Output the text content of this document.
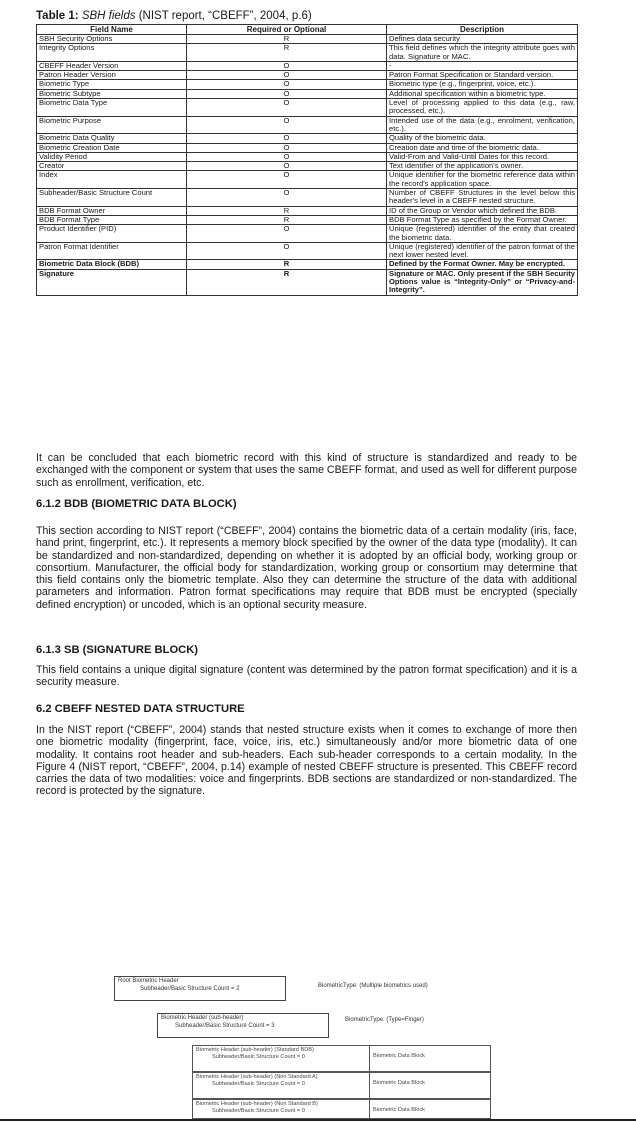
Table 1: SBH fields (NIST report, “CBEFF”, 2004, p.6)
Field Name	Required or Optional	Description
SBH Security Options	R	Defines data security
Integrity Options	R	This field defines which the integrity attribute goes with data. Signature or MAC.
CBEFF Header Version	O	-
Patron Header Version	O	Patron Format Specification or Standard version.
Biometric Type	O	Biometric type (e.g., fingerprint, voice, etc.).
Biometric Subtype	O	Additional specification within a biometric type.
Biometric Data Type	O	Level of processing applied to this data (e.g., raw, processed, etc.).
Biometric Purpose	O	Intended use of the data (e.g., enrolment, verification, etc.).
Biometric Data Quality	O	Quality of the biometric data.
Biometric Creation Date	O	Creation date and time of the biometric data.
Validity Period	O	Valid-From and Valid-Until Dates for this record.
Creator	O	Text identifier of the application's owner.
Index	O	Unique identifier for the biometric reference data within the record's application space.
Subheader/Basic Structure Count	O	Number of CBEFF Structures in the level below this header's level in a CBEFF nested structure.
BDB Format Owner	R	ID of the Group or Vendor which defined the BDB.
BDB Format Type	R	BDB Format Type as specified by the Format Owner.
Product Identifier (PID)	O	Unique (registered) identifier of the entity that created the biometric data.
Patron Format Identifier	O	Unique (registered) identifier of the patron format of the next lower nested level.
Biometric Data Block (BDB)	R	Defined by the Format Owner. May be encrypted.
Signature	R	Signature or MAC. Only present if the SBH Security Options value is “Integrity-Only” or “Privacy-and-Integrity”.
It can be concluded that each biometric record with this kind of structure is standardized and ready to be exchanged with the component or system that uses the same CBEFF format, and used as well for different purpose such as enrollment, verification, etc.
6.1.2 BDB (BIOMETRIC DATA BLOCK)
This section according to NIST report (“CBEFF”, 2004) contains the biometric data of a certain modality (iris, face, hand print, fingerprint, etc.). It represents a memory block specified by the owner of the data type (modality). It can be standardized and non-standardized, depending on whether it is adopted by an official body, working group or consortium. Manufacturer, the official body for standardization, working group or consortium may determine that this field contains only the biometric template. Also they can determine the structure of the data with additional parameters and information. Patron format specifications may require that BDB must be encrypted (specially defined encryption) or uncoded, which is an optional security measure.
6.1.3 SB (SIGNATURE BLOCK)
This field contains a unique digital signature (content was determined by the patron format specification) and it is a security measure.
6.2 CBEFF NESTED DATA STRUCTURE
In the NIST report (“CBEFF”, 2004) stands that nested structure exists when it comes to exchange of more then one biometric modality (fingerprint, face, voice, iris, etc.) simultaneously and/or more biometric data of one modality. It contains root header and sub-headers. Each sub-header corresponds to a certain modality. In the Figure 4 (NIST report, “CBEFF”, 2004, p.14) example of nested CBEFF structure is presented. This CBEFF record carries the data of two modalities: voice and fingerprints. BDB sections are standardized or non-standardized. The record is protected by the signature.
Root Biometric Header
Subheader/Basic Structure Count = 2	BiometricType: (Multiple biometrics used)
Biometric Header (sub-header)
Subheader/Basic Structure Count = 3
BiometricType: (Type=Finger)
Biometric Header (sub-header) (Standard BDB)
Subheader/Basic Structure Count = 0	Biometric Data Block
Biometric Header (sub-header) (Non Standard A)
Subheader/Basic Structure Count = 0	Biometric Data Block
Biometric Header (sub-header) (Non Standard B)
Subheader/Basic Structure Count = 0	Biometric Data Block
